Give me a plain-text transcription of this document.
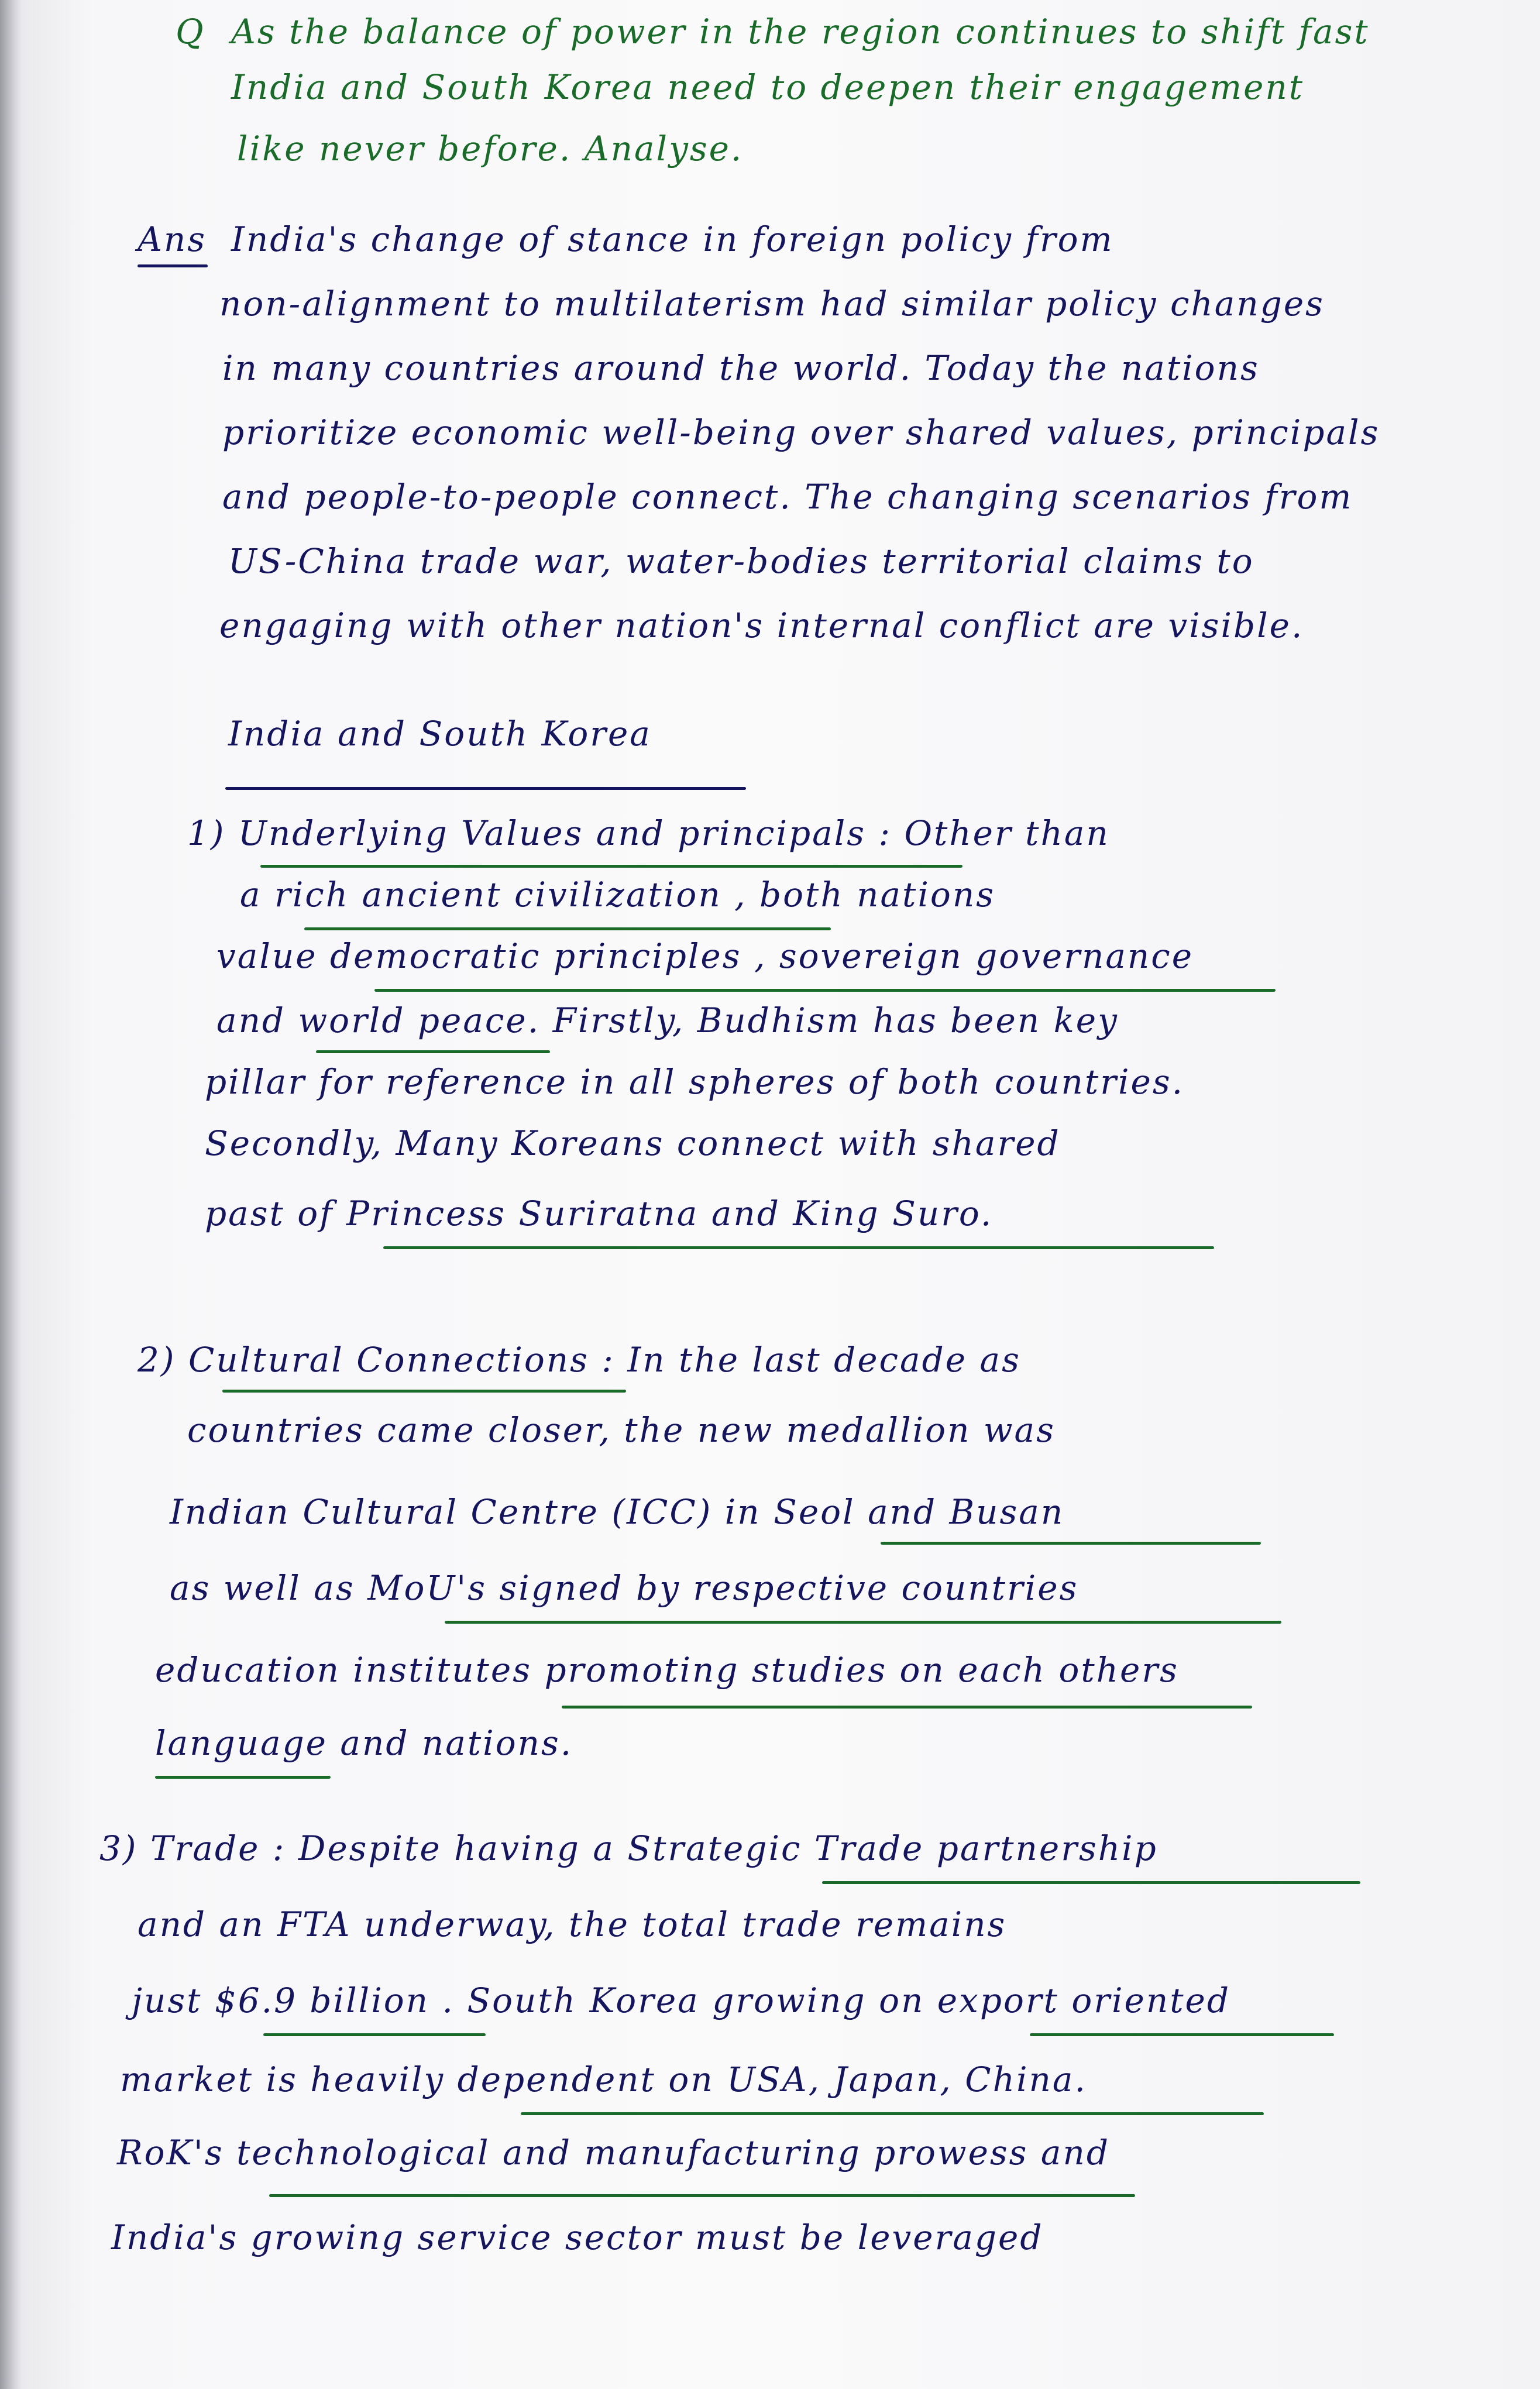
Q As the balance of power in the region continues to shift fast
India and South Korea need to deepen their engagement
like never before. Analyse.
Ans India's change of stance in foreign policy from
non-alignment to multilaterism had similar policy changes
in many countries around the world. Today the nations
prioritize economic well-being over shared values, principals
and people-to-people connect. The changing scenarios from
US-China trade war, water-bodies territorial claims to
engaging with other nation's internal conflict are visible.
India and South Korea
1) Underlying Values and principals : Other than
a rich ancient civilization , both nations
value democratic principles , sovereign governance
and world peace. Firstly, Budhism has been key
pillar for reference in all spheres of both countries.
Secondly, Many Koreans connect with shared
past of Princess Suriratna and King Suro.
2) Cultural Connections : In the last decade as
countries came closer, the new medallion was
Indian Cultural Centre (ICC) in Seol and Busan
as well as MoU's signed by respective countries
education institutes promoting studies on each others
language and nations.
3) Trade : Despite having a Strategic Trade partnership
and an FTA underway, the total trade remains
just $6.9 billion . South Korea growing on export oriented
market is heavily dependent on USA, Japan, China.
RoK's technological and manufacturing prowess and
India's growing service sector must be leveraged
